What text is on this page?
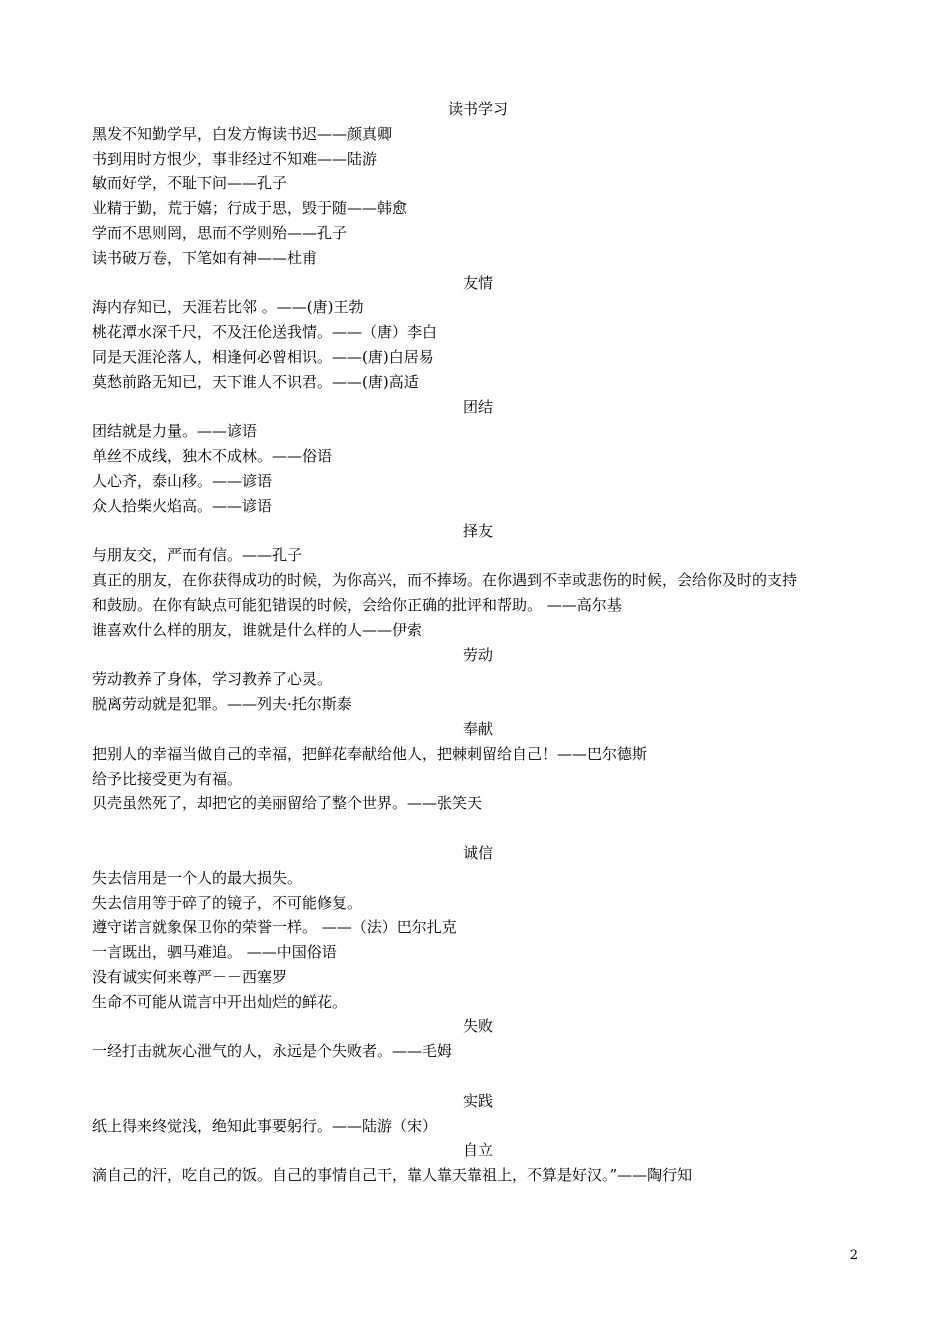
读书学习
黑发不知勤学早，白发方悔读书迟——颜真卿
书到用时方恨少，事非经过不知难——陆游
敏而好学，不耻下问——孔子
业精于勤，荒于嬉；行成于思，毁于随——韩愈
学而不思则罔，思而不学则殆——孔子
读书破万卷，下笔如有神——杜甫
友情
海内存知已，天涯若比邻 。——(唐)王勃
桃花潭水深千尺，不及汪伦送我情。——（唐）李白
同是天涯沦落人，相逢何必曾相识。——(唐)白居易
莫愁前路无知已，天下谁人不识君。——(唐)高适
团结
团结就是力量。——谚语
单丝不成线，独木不成林。——俗语
人心齐，泰山移。——谚语
众人拾柴火焰高。——谚语
择友
与朋友交，严而有信。——孔子
真正的朋友，在你获得成功的时候，为你高兴，而不捧场。在你遇到不幸或悲伤的时候，会给你及时的支持
和鼓励。在你有缺点可能犯错误的时候，会给你正确的批评和帮助。 ——高尔基
谁喜欢什么样的朋友，谁就是什么样的人——伊索
劳动
劳动教养了身体，学习教养了心灵。
脱离劳动就是犯罪。——列夫·托尔斯泰
奉献
把别人的幸福当做自己的幸福，把鲜花奉献给他人，把棘刺留给自己！——巴尔德斯
给予比接受更为有福。
贝壳虽然死了，却把它的美丽留给了整个世界。——张笑天
诚信
失去信用是一个人的最大损失。
失去信用等于碎了的镜子，不可能修复。
遵守诺言就象保卫你的荣誉一样。 ——（法）巴尔扎克
一言既出，驷马难追。 ——中国俗语
没有诚实何来尊严－－西塞罗
生命不可能从谎言中开出灿烂的鲜花。
失败
一经打击就灰心泄气的人，永远是个失败者。——毛姆
实践
纸上得来终觉浅，绝知此事要躬行。——陆游（宋）
自立
滴自己的汗，吃自己的饭。自己的事情自己干，靠人靠天靠祖上，不算是好汉。”——陶行知
2
